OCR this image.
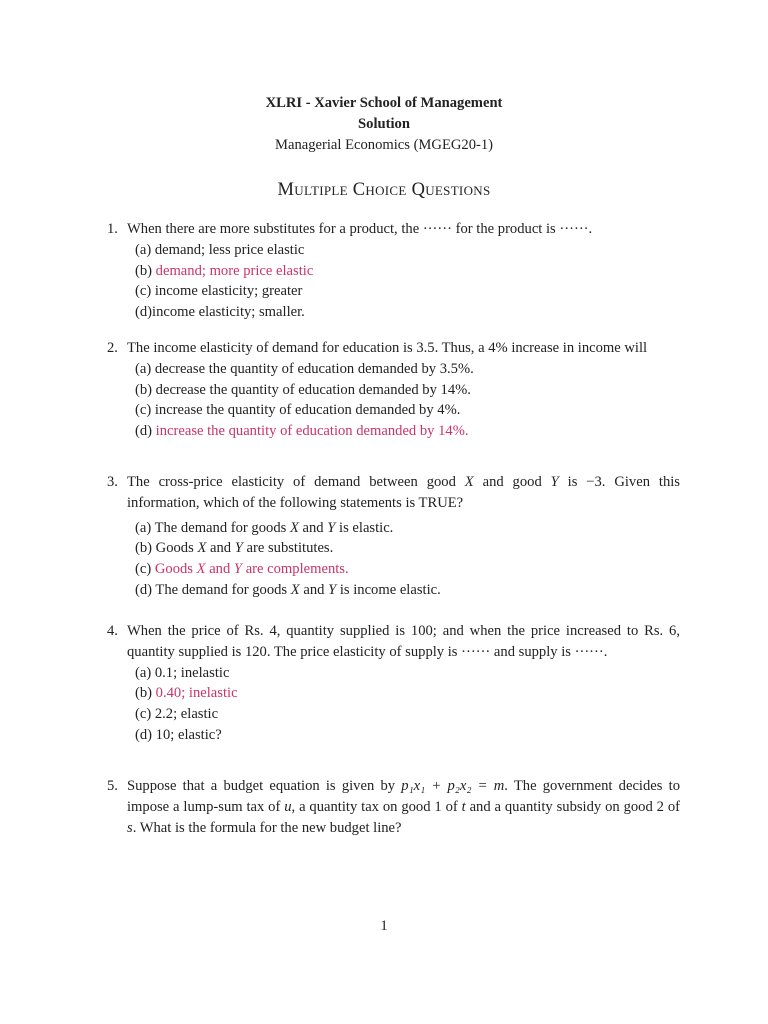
XLRI - Xavier School of Management
Solution
Managerial Economics (MGEG20-1)
Multiple Choice Questions
1. When there are more substitutes for a product, the ······ for the product is ······.
(a) demand; less price elastic
(b) demand; more price elastic
(c) income elasticity; greater
(d)income elasticity; smaller.
2. The income elasticity of demand for education is 3.5. Thus, a 4% increase in income will
(a) decrease the quantity of education demanded by 3.5%.
(b) decrease the quantity of education demanded by 14%.
(c) increase the quantity of education demanded by 4%.
(d) increase the quantity of education demanded by 14%.
3. The cross-price elasticity of demand between good X and good Y is −3. Given this information, which of the following statements is TRUE?
(a) The demand for goods X and Y is elastic.
(b) Goods X and Y are substitutes.
(c) Goods X and Y are complements.
(d) The demand for goods X and Y is income elastic.
4. When the price of Rs. 4, quantity supplied is 100; and when the price increased to Rs. 6, quantity supplied is 120. The price elasticity of supply is ······ and supply is ······.
(a) 0.1; inelastic
(b) 0.40; inelastic
(c) 2.2; elastic
(d) 10; elastic?
5. Suppose that a budget equation is given by p₁x₁ + p₂x₂ = m. The government decides to impose a lump-sum tax of u, a quantity tax on good 1 of t and a quantity subsidy on good 2 of s. What is the formula for the new budget line?
1
